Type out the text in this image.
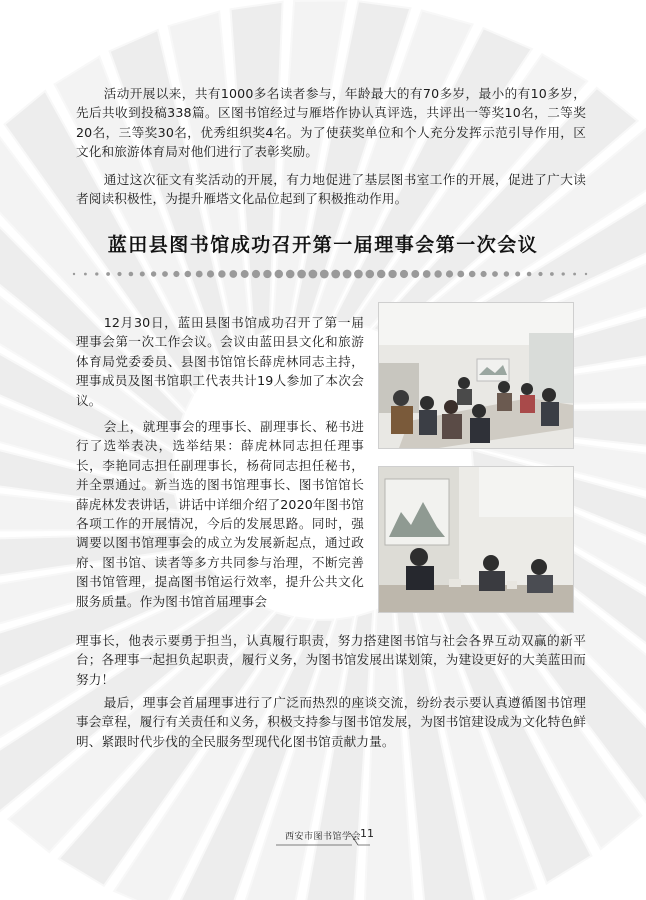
活动开展以来，共有1000多名读者参与，年龄最大的有70多岁，最小的有10多岁，先后共收到投稿338篇。区图书馆经过与雁塔作协认真评选，共评出一等奖10名，二等奖20名，三等奖30名，优秀组织奖4名。为了使获奖单位和个人充分发挥示范引导作用，区文化和旅游体育局对他们进行了表彰奖励。

通过这次征文有奖活动的开展，有力地促进了基层图书室工作的开展，促进了广大读者阅读积极性，为提升雁塔文化品位起到了积极推动作用。

蓝田县图书馆成功召开第一届理事会第一次会议

12月30日，蓝田县图书馆成功召开了第一届理事会第一次工作会议。会议由蓝田县文化和旅游体育局党委委员、县图书馆馆长薛虎林同志主持，理事成员及图书馆职工代表共计19人参加了本次会议。

会上，就理事会的理事长、副理事长、秘书进行了选举表决，选举结果：薛虎林同志担任理事长，李艳同志担任副理事长，杨荷同志担任秘书，并全票通过。新当选的图书馆理事长、图书馆馆长薛虎林发表讲话，讲话中详细介绍了2020年图书馆各项工作的开展情况，今后的发展思路。同时，强调要以图书馆理事会的成立为发展新起点，通过政府、图书馆、读者等多方共同参与治理，不断完善图书馆管理，提高图书馆运行效率，提升公共文化服务质量。作为图书馆首届理事会

理事长，他表示要勇于担当，认真履行职责，努力搭建图书馆与社会各界互动双赢的新平台；各理事一起担负起职责，履行义务，为图书馆发展出谋划策，为建设更好的大美蓝田而努力！

最后，理事会首届理事进行了广泛而热烈的座谈交流，纷纷表示要认真遵循图书馆理事会章程，履行有关责任和义务，积极支持参与图书馆发展，为图书馆建设成为文化特色鲜明、紧跟时代步伐的全民服务型现代化图书馆贡献力量。

西安市图书馆学会
11
